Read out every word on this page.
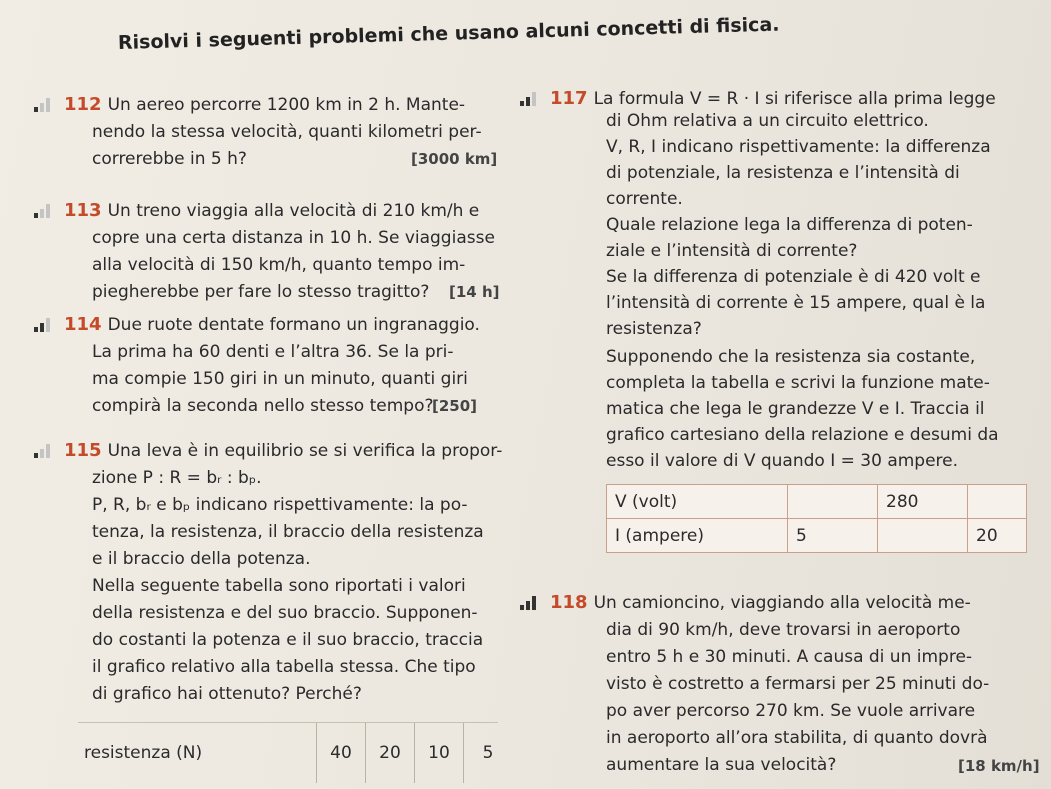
Risolvi i seguenti problemi che usano alcuni concetti di fisica.
112 Un aereo percorre 1200 km in 2 h. Mante-
nendo la stessa velocità, quanti kilometri per-
correrebbe in 5 h?	[3000 km]
113 Un treno viaggia alla velocità di 210 km/h e
copre una certa distanza in 10 h. Se viaggiasse
alla velocità di 150 km/h, quanto tempo im-
piegherebbe per fare lo stesso tragitto? [14 h]
114 Due ruote dentate formano un ingranaggio.
La prima ha 60 denti e l’altra 36. Se la pri-
ma compie 150 giri in un minuto, quanti giri
compirà la seconda nello stesso tempo?
[250]
115 Una leva è in equilibrio se si verifica la propor-
zione P : R = bᵣ : bₚ.
P, R, bᵣ e bₚ indicano rispettivamente: la po-
tenza, la resistenza, il braccio della resistenza
e il braccio della potenza.
Nella seguente tabella sono riportati i valori
della resistenza e del suo braccio. Supponen-
do costanti la potenza e il suo braccio, traccia
il grafico relativo alla tabella stessa. Che tipo
di grafico hai ottenuto? Perché?
resistenza (N)	40	20	10	5
117 La formula V = R · I si riferisce alla prima legge
di Ohm relativa a un circuito elettrico.
V, R, I indicano rispettivamente: la differenza
di potenziale, la resistenza e l’intensità di
corrente.
Quale relazione lega la differenza di poten-
ziale e l’intensità di corrente?
Se la differenza di potenziale è di 420 volt e
l’intensità di corrente è 15 ampere, qual è la
resistenza?
Supponendo che la resistenza sia costante,
completa la tabella e scrivi la funzione mate-
matica che lega le grandezze V e I. Traccia il
grafico cartesiano della relazione e desumi da
esso il valore di V quando I = 30 ampere.
V (volt)		280	
I (ampere)	5		20
118 Un camioncino, viaggiando alla velocità me-
dia di 90 km/h, deve trovarsi in aeroporto
entro 5 h e 30 minuti. A causa di un impre-
visto è costretto a fermarsi per 25 minuti do-
po aver percorso 270 km. Se vuole arrivare
in aeroporto all’ora stabilita, di quanto dovrà
aumentare la sua velocità?	[18 km/h]
